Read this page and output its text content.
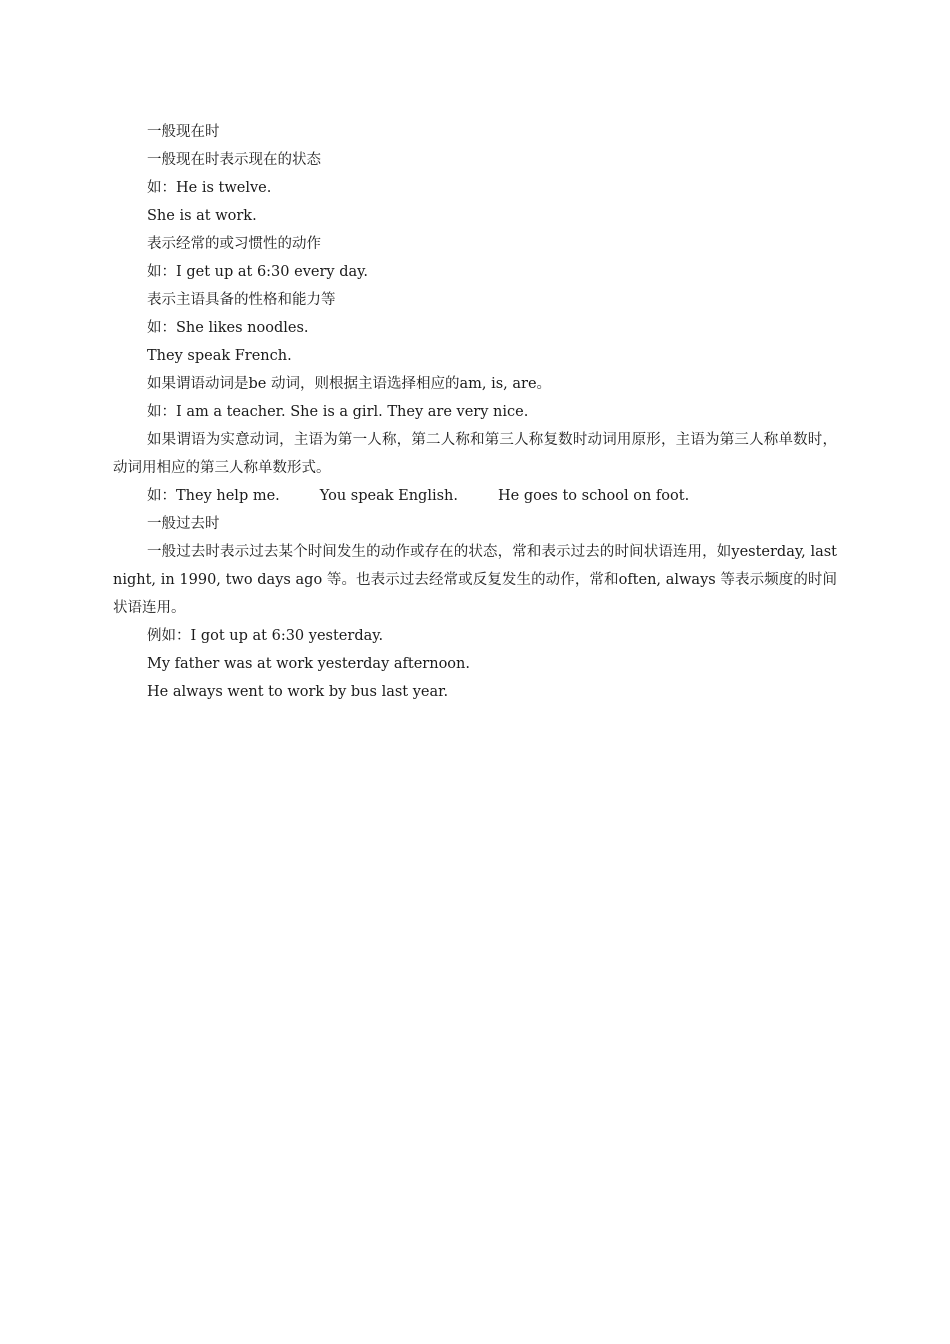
一般现在时

一般现在时表示现在的状态

如：He is twelve.

She is at work.

表示经常的或习惯性的动作

如：I get up at 6:30 every day.

表示主语具备的性格和能力等

如：She likes noodles.

They speak French.

如果谓语动词是be 动词，则根据主语选择相应的am, is, are。

如：I am a teacher. She is a girl. They are very nice.

如果谓语为实意动词，主语为第一人称，第二人称和第三人称复数时动词用原形，主语为第三人称单数时，动词用相应的第三人称单数形式。

如：They help me.	You speak English.	He goes to school on foot.

一般过去时

一般过去时表示过去某个时间发生的动作或存在的状态，常和表示过去的时间状语连用，如yesterday, last night, in 1990, two days ago 等。也表示过去经常或反复发生的动作，常和often, always 等表示频度的时间状语连用。

例如：I got up at 6:30 yesterday.

My father was at work yesterday afternoon.

He always went to work by bus last year.
